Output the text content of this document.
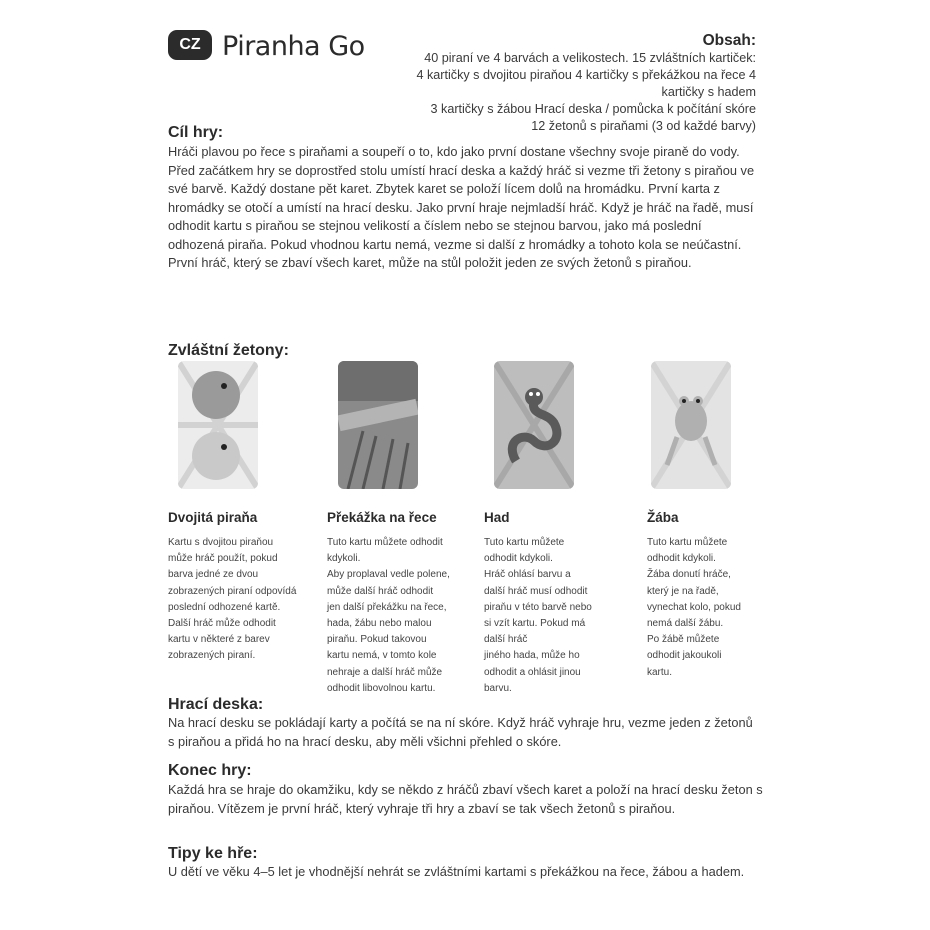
CZ Piranha Go	Obsah:
40 piraní ve 4 barvách a velikostech. 15 zvláštních kartiček:
4 kartičky s dvojitou piraňou 4 kartičky s překážkou na řece 4
kartičky s hadem
3 kartičky s žábou Hrací deska / pomůcka k počítání skóre
12 žetonů s piraňami (3 od každé barvy)
Cíl hry:

Hráči plavou po řece s piraňami a soupeří o to, kdo jako první dostane všechny svoje piraně do vody.

Před začátkem hry se doprostřed stolu umístí hrací deska a každý hráč si vezme tři žetony s piraňou ve své barvě. Každý dostane pět karet. Zbytek karet se položí lícem dolů na hromádku. První karta z hromádky se otočí a umístí na hrací desku. Jako první hraje nejmladší hráč. Když je hráč na řadě, musí odhodit kartu s piraňou se stejnou velikostí a číslem nebo se stejnou barvou, jako má poslední odhozená piraňa. Pokud vhodnou kartu nemá, vezme si další z hromádky a tohoto kola se neúčastní.

První hráč, který se zbaví všech karet, může na stůl položit jeden ze svých žetonů s piraňou.

Zvláštní žetony:
Dvojitá piraňa
Kartu s dvojitou piraňou
může hráč použít, pokud
barva jedné ze dvou
zobrazených piraní odpovídá
poslední odhozené kartě.
Další hráč může odhodit
kartu v některé z barev
zobrazených piraní.
Překážka na řece
Tuto kartu můžete odhodit
kdykoli.
Aby proplaval vedle polene,
může další hráč odhodit
jen další překážku na řece,
hada, žábu nebo malou
piraňu. Pokud takovou
kartu nemá, v tomto kole
nehraje a další hráč může
odhodit libovolnou kartu.
Had
Tuto kartu můžete
odhodit kdykoli.
Hráč ohlásí barvu a
další hráč musí odhodit
piraňu v této barvě nebo
si vzít kartu. Pokud má
další hráč
jiného hada, může ho
odhodit a ohlásit jinou
barvu.
Žába
Tuto kartu můžete
odhodit kdykoli.
Žába donutí hráče,
který je na řadě,
vynechat kolo, pokud
nemá další žábu.
Po žábě můžete
odhodit jakoukoli
kartu.
Hrací deska:
Na hrací desku se pokládají karty a počítá se na ní skóre. Když hráč vyhraje hru, vezme jeden z žetonů s piraňou a přidá ho na hrací desku, aby měli všichni přehled o skóre.
Konec hry:
Každá hra se hraje do okamžiku, kdy se někdo z hráčů zbaví všech karet a položí na hrací desku žeton s piraňou. Vítězem je první hráč, který vyhraje tři hry a zbaví se tak všech žetonů s piraňou.
Tipy ke hře:
U dětí ve věku 4–5 let je vhodnější nehrát se zvláštními kartami s překážkou na řece, žábou a hadem.
